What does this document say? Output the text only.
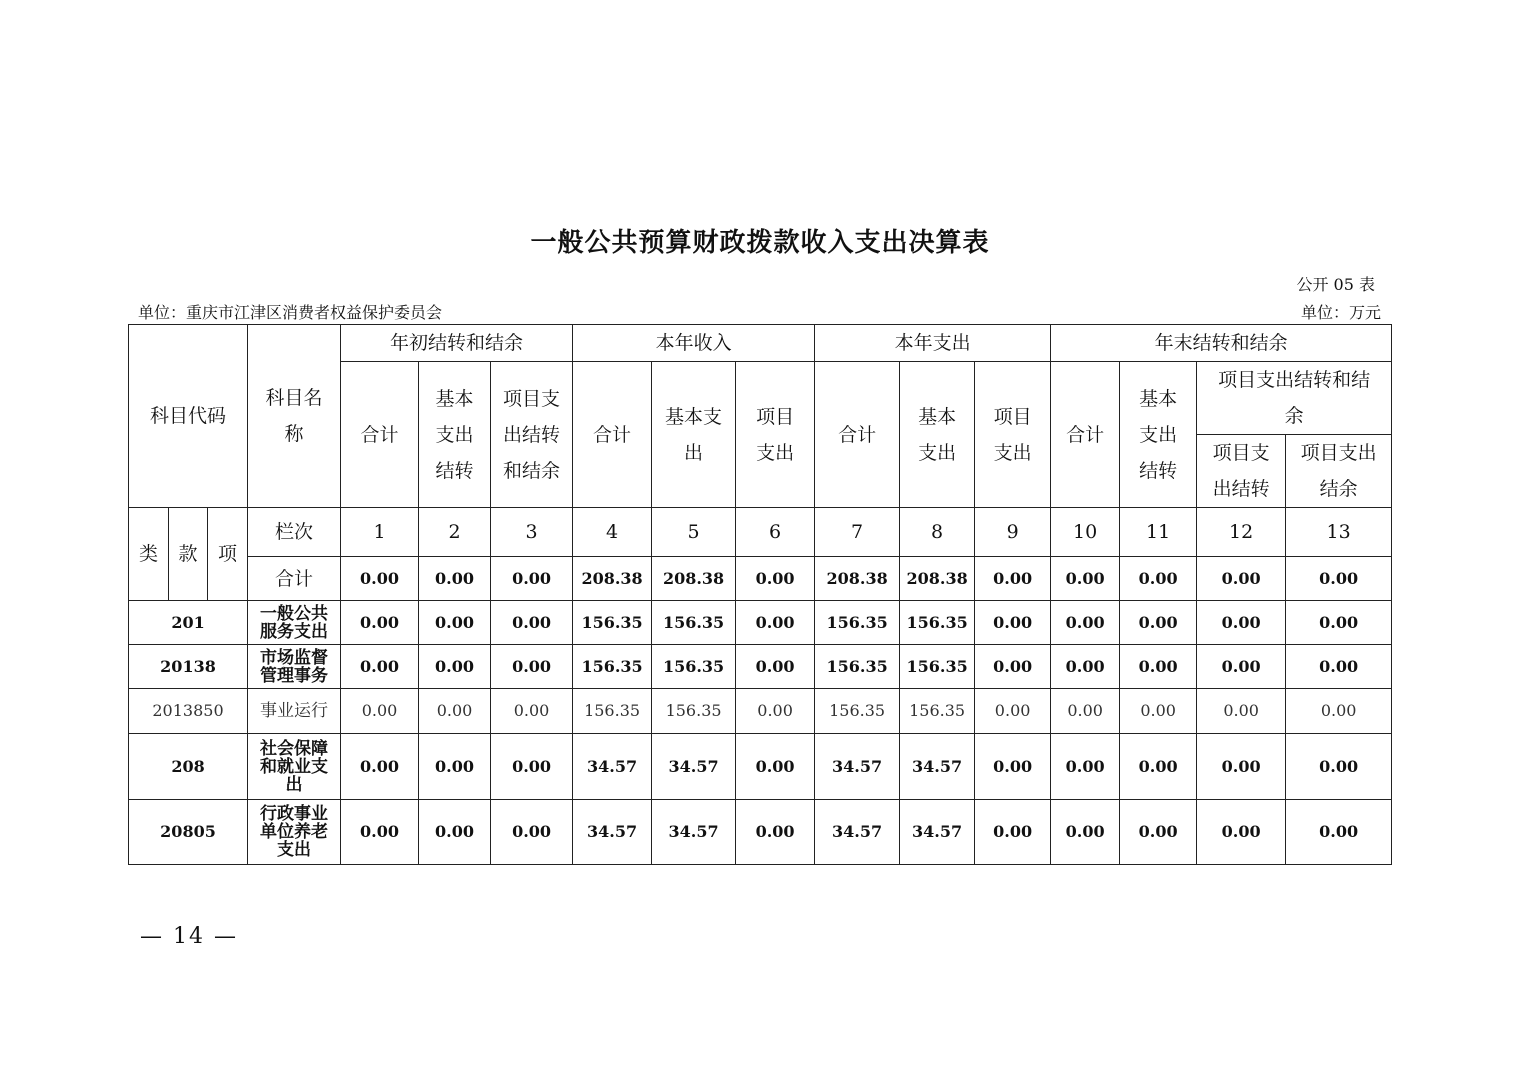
一般公共预算财政拨款收入支出决算表
公开 05 表
单位：重庆市江津区消费者权益保护委员会	单位：万元
科目代码			科目名称	年初结转和结余			本年收入			本年支出			年末结转和结余			
				合计	基本支出结转	项目支出结转和结余	合计	基本支出	项目支出	合计	基本支出	项目支出	合计	基本支出结转	项目支出结转和结余	
															项目支出结转	项目支出结余
类	款	项	栏次	1	2	3	4	5	6	7	8	9	10	11	12	13
			合计	0.00	0.00	0.00	208.38	208.38	0.00	208.38	208.38	0.00	0.00	0.00	0.00	0.00
201			一般公共服务支出	0.00	0.00	0.00	156.35	156.35	0.00	156.35	156.35	0.00	0.00	0.00	0.00	0.00
20138			市场监督管理事务	0.00	0.00	0.00	156.35	156.35	0.00	156.35	156.35	0.00	0.00	0.00	0.00	0.00
2013850			事业运行	0.00	0.00	0.00	156.35	156.35	0.00	156.35	156.35	0.00	0.00	0.00	0.00	0.00
208			社会保障和就业支出	0.00	0.00	0.00	34.57	34.57	0.00	34.57	34.57	0.00	0.00	0.00	0.00	0.00
20805			行政事业单位养老支出	0.00	0.00	0.00	34.57	34.57	0.00	34.57	34.57	0.00	0.00	0.00	0.00	0.00
— 14 —
